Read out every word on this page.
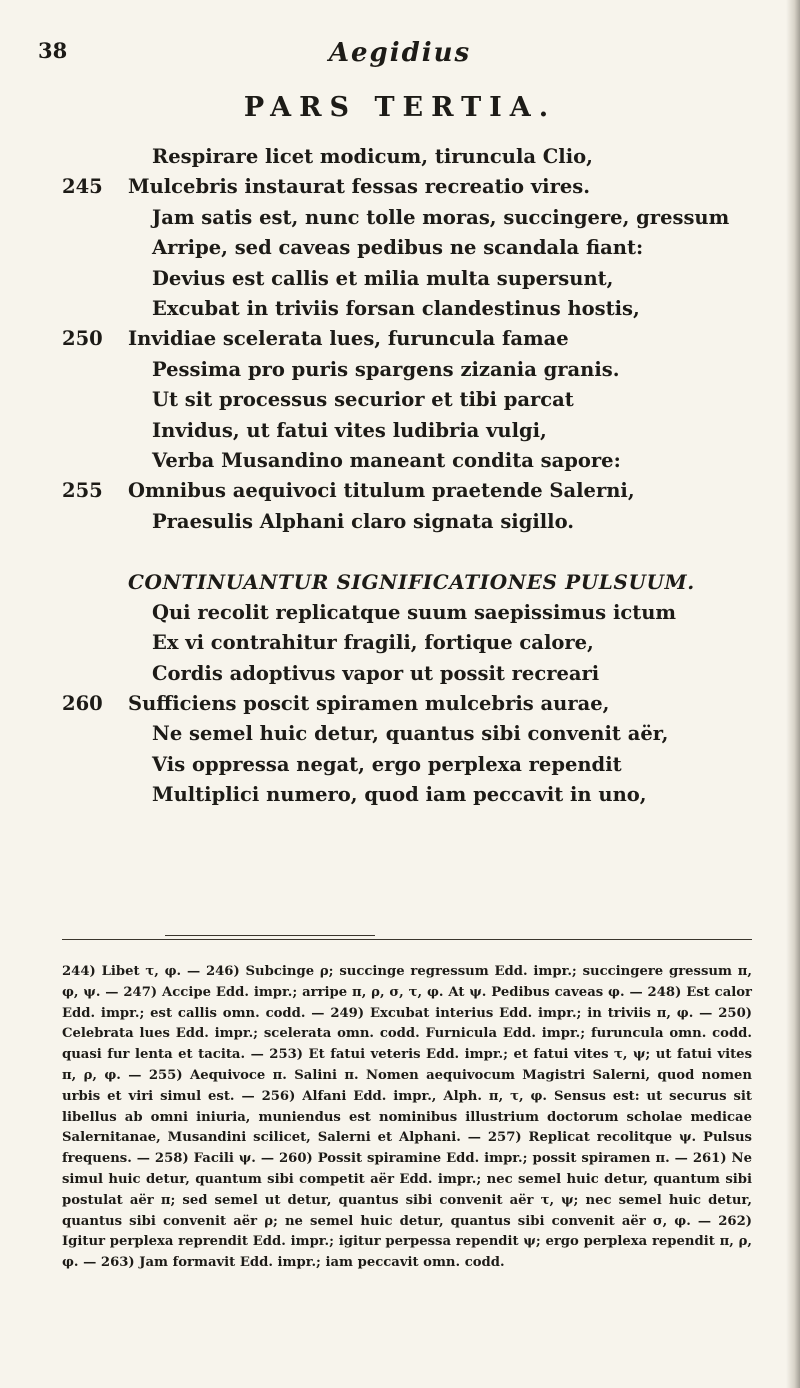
38	Aegidius
PARS TERTIA.
Respirare licet modicum, tiruncula Clio,
245	Mulcebris instaurat fessas recreatio vires.
Jam satis est, nunc tolle moras, succingere, gressum
Arripe, sed caveas pedibus ne scandala fiant:
Devius est callis et milia multa supersunt,
Excubat in triviis forsan clandestinus hostis,
250	Invidiae scelerata lues, furuncula famae
Pessima pro puris spargens zizania granis.
Ut sit processus securior et tibi parcat
Invidus, ut fatui vites ludibria vulgi,
Verba Musandino maneant condita sapore:
255	Omnibus aequivoci titulum praetende Salerni,
Praesulis Alphani claro signata sigillo.
CONTINUANTUR SIGNIFICATIONES PULSUUM.
Qui recolit replicatque suum saepissimus ictum
Ex vi contrahitur fragili, fortique calore,
Cordis adoptivus vapor ut possit recreari
260	Sufficiens poscit spiramen mulcebris aurae,
Ne semel huic detur, quantus sibi convenit aër,
Vis oppressa negat, ergo perplexa rependit
Multiplici numero, quod iam peccavit in uno,

244) Libet τ, φ. — 246) Subcinge ρ; succinge regressum Edd. impr.; succingere gressum π, φ, ψ. — 247) Accipe Edd. impr.; arripe π, ρ, σ, τ, φ. At ψ. Pedibus caveas φ. — 248) Est calor Edd. impr.; est callis omn. codd. — 249) Excubat interius Edd. impr.; in triviis π, φ. — 250) Celebrata lues Edd. impr.; scelerata omn. codd. Furnicula Edd. impr.; furuncula omn. codd. quasi fur lenta et tacita. — 253) Et fatui veteris Edd. impr.; et fatui vites τ, ψ; ut fatui vites π, ρ, φ. — 255) Aequivoce π. Salini π. Nomen aequivocum Magistri Salerni, quod nomen urbis et viri simul est. — 256) Alfani Edd. impr., Alph. π, τ, φ. Sensus est: ut securus sit libellus ab omni iniuria, muniendus est nominibus illustrium doctorum scholae medicae Salernitanae, Musandini scilicet, Salerni et Alphani. — 257) Replicat recolitque ψ. Pulsus frequens. — 258) Facili ψ. — 260) Possit spiramine Edd. impr.; possit spiramen π. — 261) Ne simul huic detur, quantum sibi competit aër Edd. impr.; nec semel huic detur, quantum sibi postulat aër π; sed semel ut detur, quantus sibi convenit aër τ, ψ; nec semel huic detur, quantus sibi convenit aër ρ; ne semel huic detur, quantus sibi convenit aër σ, φ. — 262) Igitur perplexa reprendit Edd. impr.; igitur perpessa rependit ψ; ergo perplexa rependit π, ρ, φ. — 263) Jam formavit Edd. impr.; iam peccavit omn. codd.
